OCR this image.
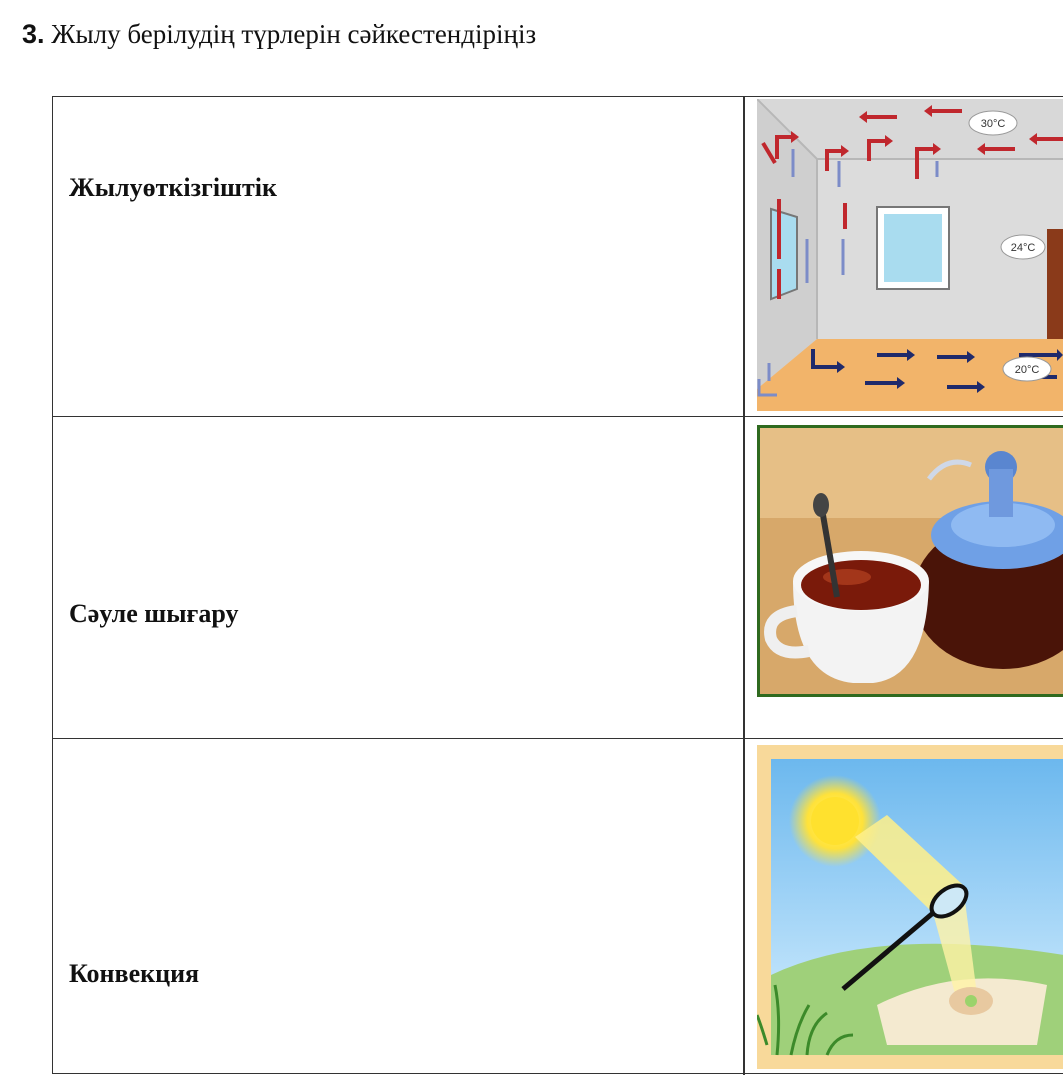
3. Жылу берілудің түрлерін сәйкестендіріңіз
Жылуөткізгіштік
30°C
24°C
20°C
Сәуле шығару
Конвекция
